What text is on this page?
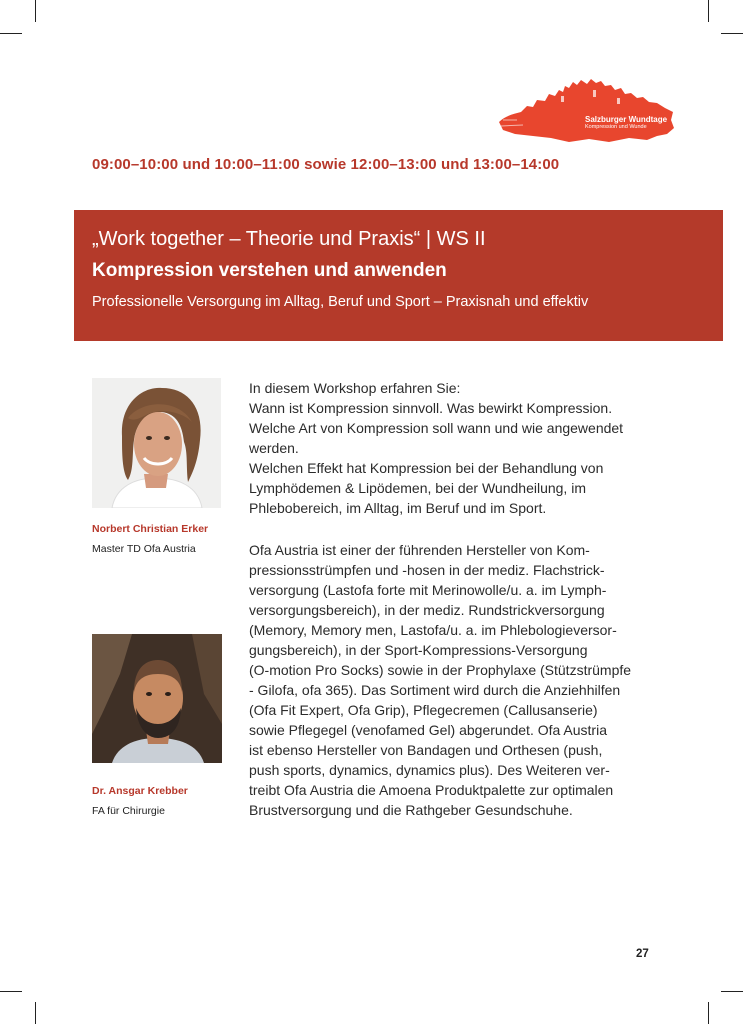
Salzburger Wundtage
Kompression und Wunde
09:00–10:00 und 10:00–11:00 sowie 12:00–13:00 und 13:00–14:00
„Work together – Theorie und Praxis“ | WS II
Kompression verstehen und anwenden
Professionelle Versorgung im Alltag, Beruf und Sport – Praxisnah und effektiv
Norbert Christian Erker
Master TD Ofa Austria
Dr. Ansgar Krebber
FA für Chirurgie
In diesem Workshop erfahren Sie:
Wann ist Kompression sinnvoll. Was bewirkt Kompression.
Welche Art von Kompression soll wann und wie angewendet
werden.
Welchen Effekt hat Kompression bei der Behandlung von
Lymphödemen & Lipödemen, bei der Wundheilung, im
Phlebobereich, im Alltag, im Beruf und im Sport.
Ofa Austria ist einer der führenden Hersteller von Kom-
pressionsstrümpfen und -hosen in der mediz. Flachstrick-
versorgung (Lastofa forte mit Merinowolle/u. a. im Lymph-
versorgungsbereich), in der mediz. Rundstrickversorgung
(Memory, Memory men, Lastofa/u. a. im Phlebologieversor-
gungsbereich), in der Sport-Kompressions-Versorgung
(O-motion Pro Socks) sowie in der Prophylaxe (Stützstrümpfe
- Gilofa, ofa 365). Das Sortiment wird durch die Anziehhilfen
(Ofa Fit Expert, Ofa Grip), Pflegecremen (Callusanserie)
sowie Pflegegel (venofamed Gel) abgerundet. Ofa Austria
ist ebenso Hersteller von Bandagen und Orthesen (push,
push sports, dynamics, dynamics plus). Des Weiteren ver-
treibt Ofa Austria die Amoena Produktpalette zur optimalen
Brustversorgung und die Rathgeber Gesundschuhe.
27
